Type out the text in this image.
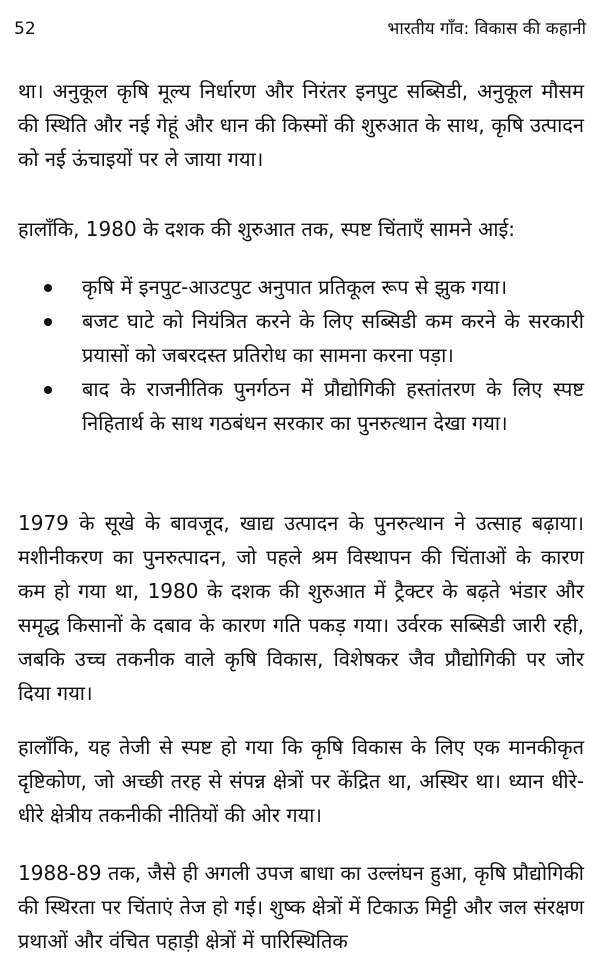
52	भारतीय गाँव: विकास की कहानी

था। अनुकूल कृषि मूल्य निर्धारण और निरंतर इनपुट सब्सिडी, अनुकूल मौसम की स्थिति और नई गेहूं और धान की किस्मों की शुरुआत के साथ, कृषि उत्पादन को नई ऊंचाइयों पर ले जाया गया।

हालाँकि, 1980 के दशक की शुरुआत तक, स्पष्ट चिंताएँ सामने आई:

कृषि में इनपुट-आउटपुट अनुपात प्रतिकूल रूप से झुक गया।
बजट घाटे को नियंत्रित करने के लिए सब्सिडी कम करने के सरकारी प्रयासों को जबरदस्त प्रतिरोध का सामना करना पड़ा।
बाद के राजनीतिक पुनर्गठन में प्रौद्योगिकी हस्तांतरण के लिए स्पष्ट निहितार्थ के साथ गठबंधन सरकार का पुनरुत्थान देखा गया।

1979 के सूखे के बावजूद, खाद्य उत्पादन के पुनरुत्थान ने उत्साह बढ़ाया। मशीनीकरण का पुनरुत्पादन, जो पहले श्रम विस्थापन की चिंताओं के कारण कम हो गया था, 1980 के दशक की शुरुआत में ट्रैक्टर के बढ़ते भंडार और समृद्ध किसानों के दबाव के कारण गति पकड़ गया। उर्वरक सब्सिडी जारी रही, जबकि उच्च तकनीक वाले कृषि विकास, विशेषकर जैव प्रौद्योगिकी पर जोर दिया गया।

हालाँकि, यह तेजी से स्पष्ट हो गया कि कृषि विकास के लिए एक मानकीकृत दृष्टिकोण, जो अच्छी तरह से संपन्न क्षेत्रों पर केंद्रित था, अस्थिर था। ध्यान धीरे-धीरे क्षेत्रीय तकनीकी नीतियों की ओर गया।

1988-89 तक, जैसे ही अगली उपज बाधा का उल्लंघन हुआ, कृषि प्रौद्योगिकी की स्थिरता पर चिंताएं तेज हो गई। शुष्क क्षेत्रों में टिकाऊ मिट्टी और जल संरक्षण प्रथाओं और वंचित पहाड़ी क्षेत्रों में पारिस्थितिक
